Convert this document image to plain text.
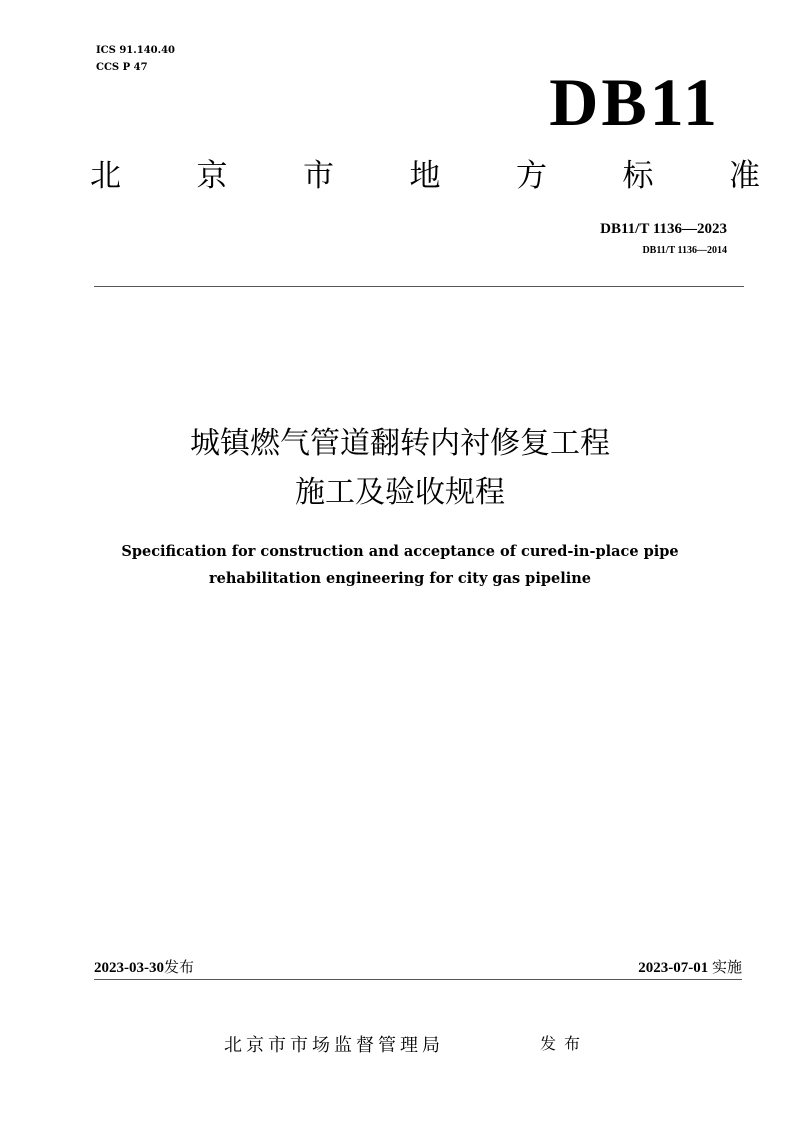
ICS 91.140.40
CCS P 47	DB11
北 京 市 地 方 标 准
DB11/T 1136—2023
DB11/T 1136—2014
城镇燃气管道翻转内衬修复工程
施工及验收规程
Specification for construction and acceptance of cured-in-place pipe
rehabilitation engineering for city gas pipeline
2023-03-30发布	2023-07-01 实施
北京市市场监督管理局	发布
